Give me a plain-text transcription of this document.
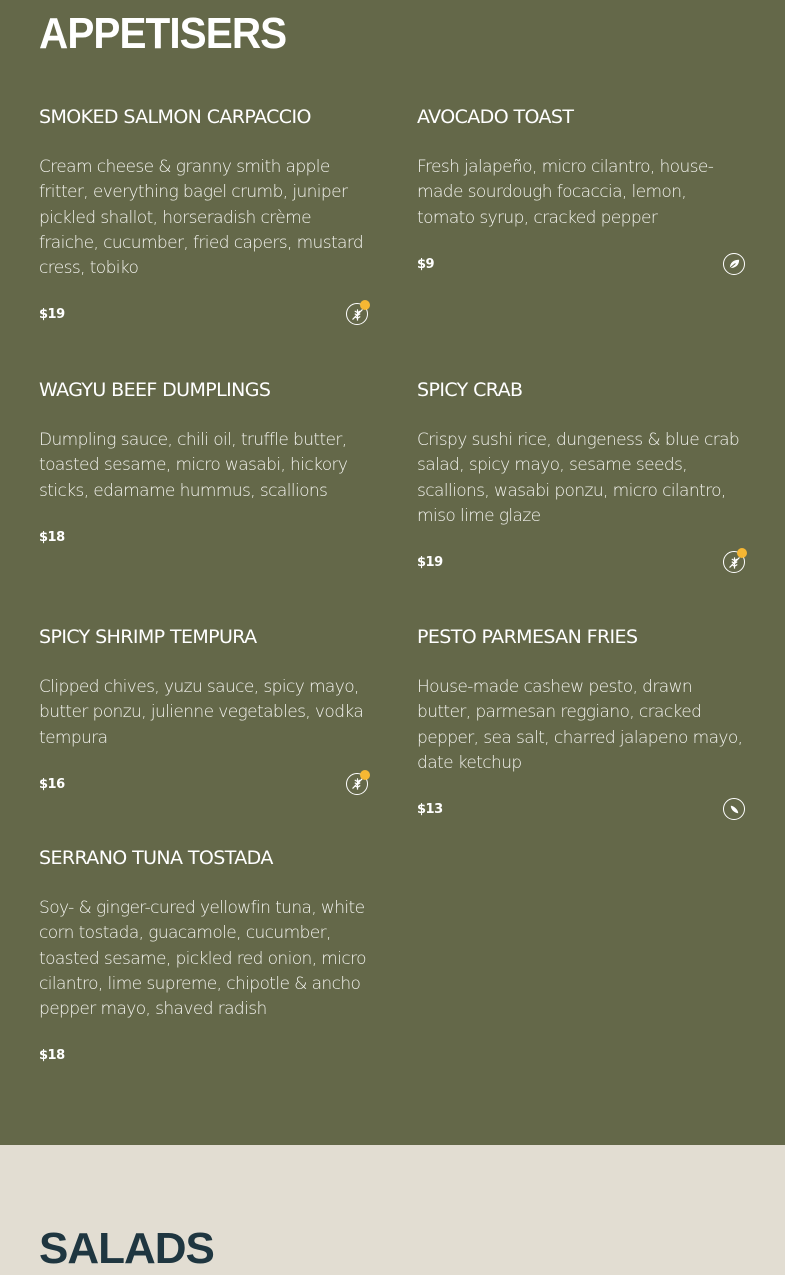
APPETISERS
SMOKED SALMON CARPACCIO

Cream cheese & granny smith apple fritter, everything bagel crumb, juniper pickled shallot, horseradish crème fraiche, cucumber, fried capers, mustard cress, tobiko

$19
AVOCADO TOAST

Fresh jalapeño, micro cilantro, house-made sourdough focaccia, lemon, tomato syrup, cracked pepper

$9
WAGYU BEEF DUMPLINGS

Dumpling sauce, chili oil, truffle butter, toasted sesame, micro wasabi, hickory sticks, edamame hummus, scallions

$18
SPICY CRAB

Crispy sushi rice, dungeness & blue crab salad, spicy mayo, sesame seeds, scallions, wasabi ponzu, micro cilantro, miso lime glaze

$19
SPICY SHRIMP TEMPURA

Clipped chives, yuzu sauce, spicy mayo, butter ponzu, julienne vegetables, vodka tempura

$16
PESTO PARMESAN FRIES

House-made cashew pesto, drawn butter, parmesan reggiano, cracked pepper, sea salt, charred jalapeno mayo, date ketchup

$13
SERRANO TUNA TOSTADA

Soy- & ginger-cured yellowfin tuna, white corn tostada, guacamole, cucumber, toasted sesame, pickled red onion, micro cilantro, lime supreme, chipotle & ancho pepper mayo, shaved radish

$18
SALADS
